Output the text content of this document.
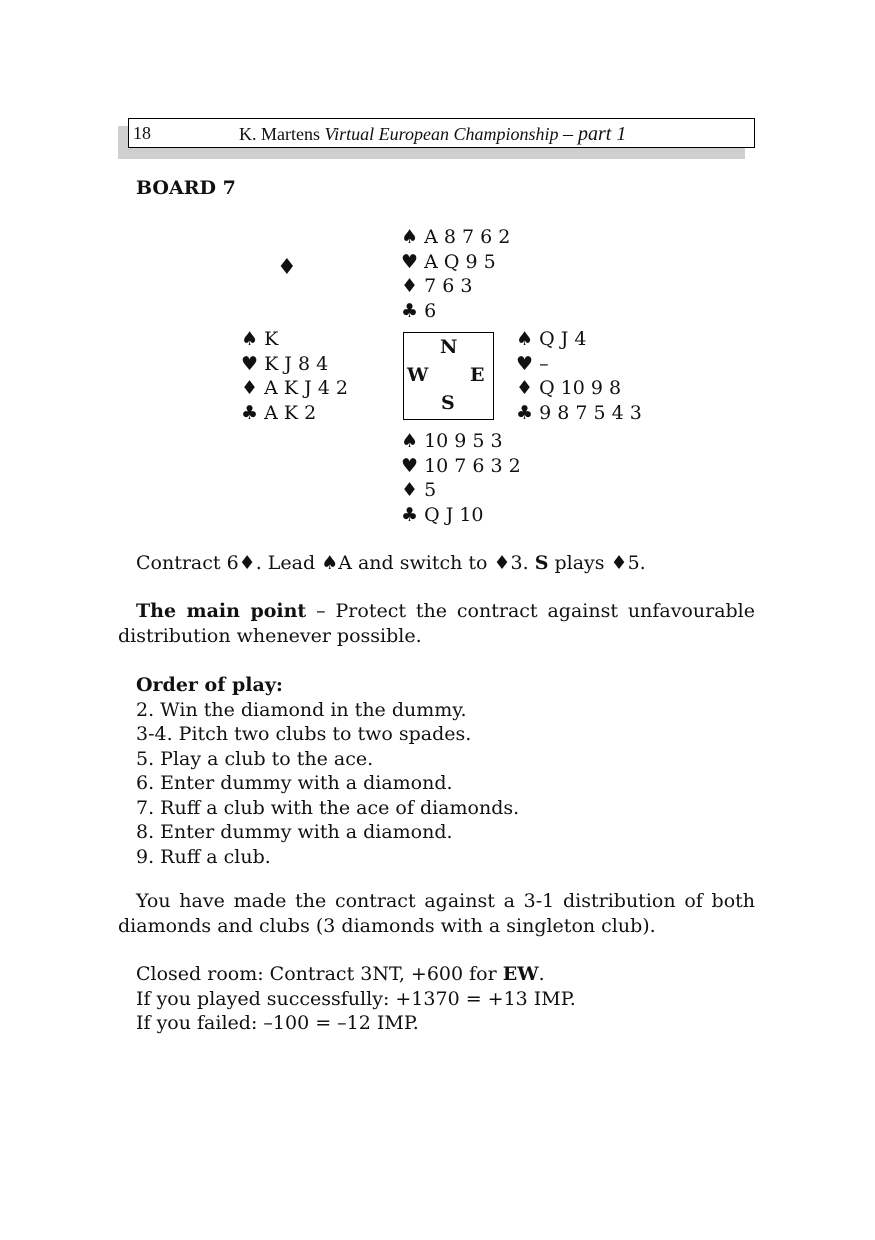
18	K. Martens Virtual European Championship – part 1
BOARD 7
♦
♠ A 8 7 6 2
♥ A Q 9 5
♦ 7 6 3
♣ 6
♠ K
♥ K J 8 4
♦ A K J 4 2
♣ A K 2
N
W E
S
♠ Q J 4
♥ –
♦ Q 10 9 8
♣ 9 8 7 5 4 3
♠ 10 9 5 3
♥ 10 7 6 3 2
♦ 5
♣ Q J 10
Contract 6♦. Lead ♠A and switch to ♦3. S plays ♦5.
The main point – Protect the contract against unfavourable distribution whenever possible.
Order of play:
2. Win the diamond in the dummy.
3-4. Pitch two clubs to two spades.
5. Play a club to the ace.
6. Enter dummy with a diamond.
7. Ruff a club with the ace of diamonds.
8. Enter dummy with a diamond.
9. Ruff a club.
You have made the contract against a 3-1 distribution of both diamonds and clubs (3 diamonds with a singleton club).
Closed room: Contract 3NT, +600 for EW.
If you played successfully: +1370 = +13 IMP.
If you failed: –100 = –12 IMP.
